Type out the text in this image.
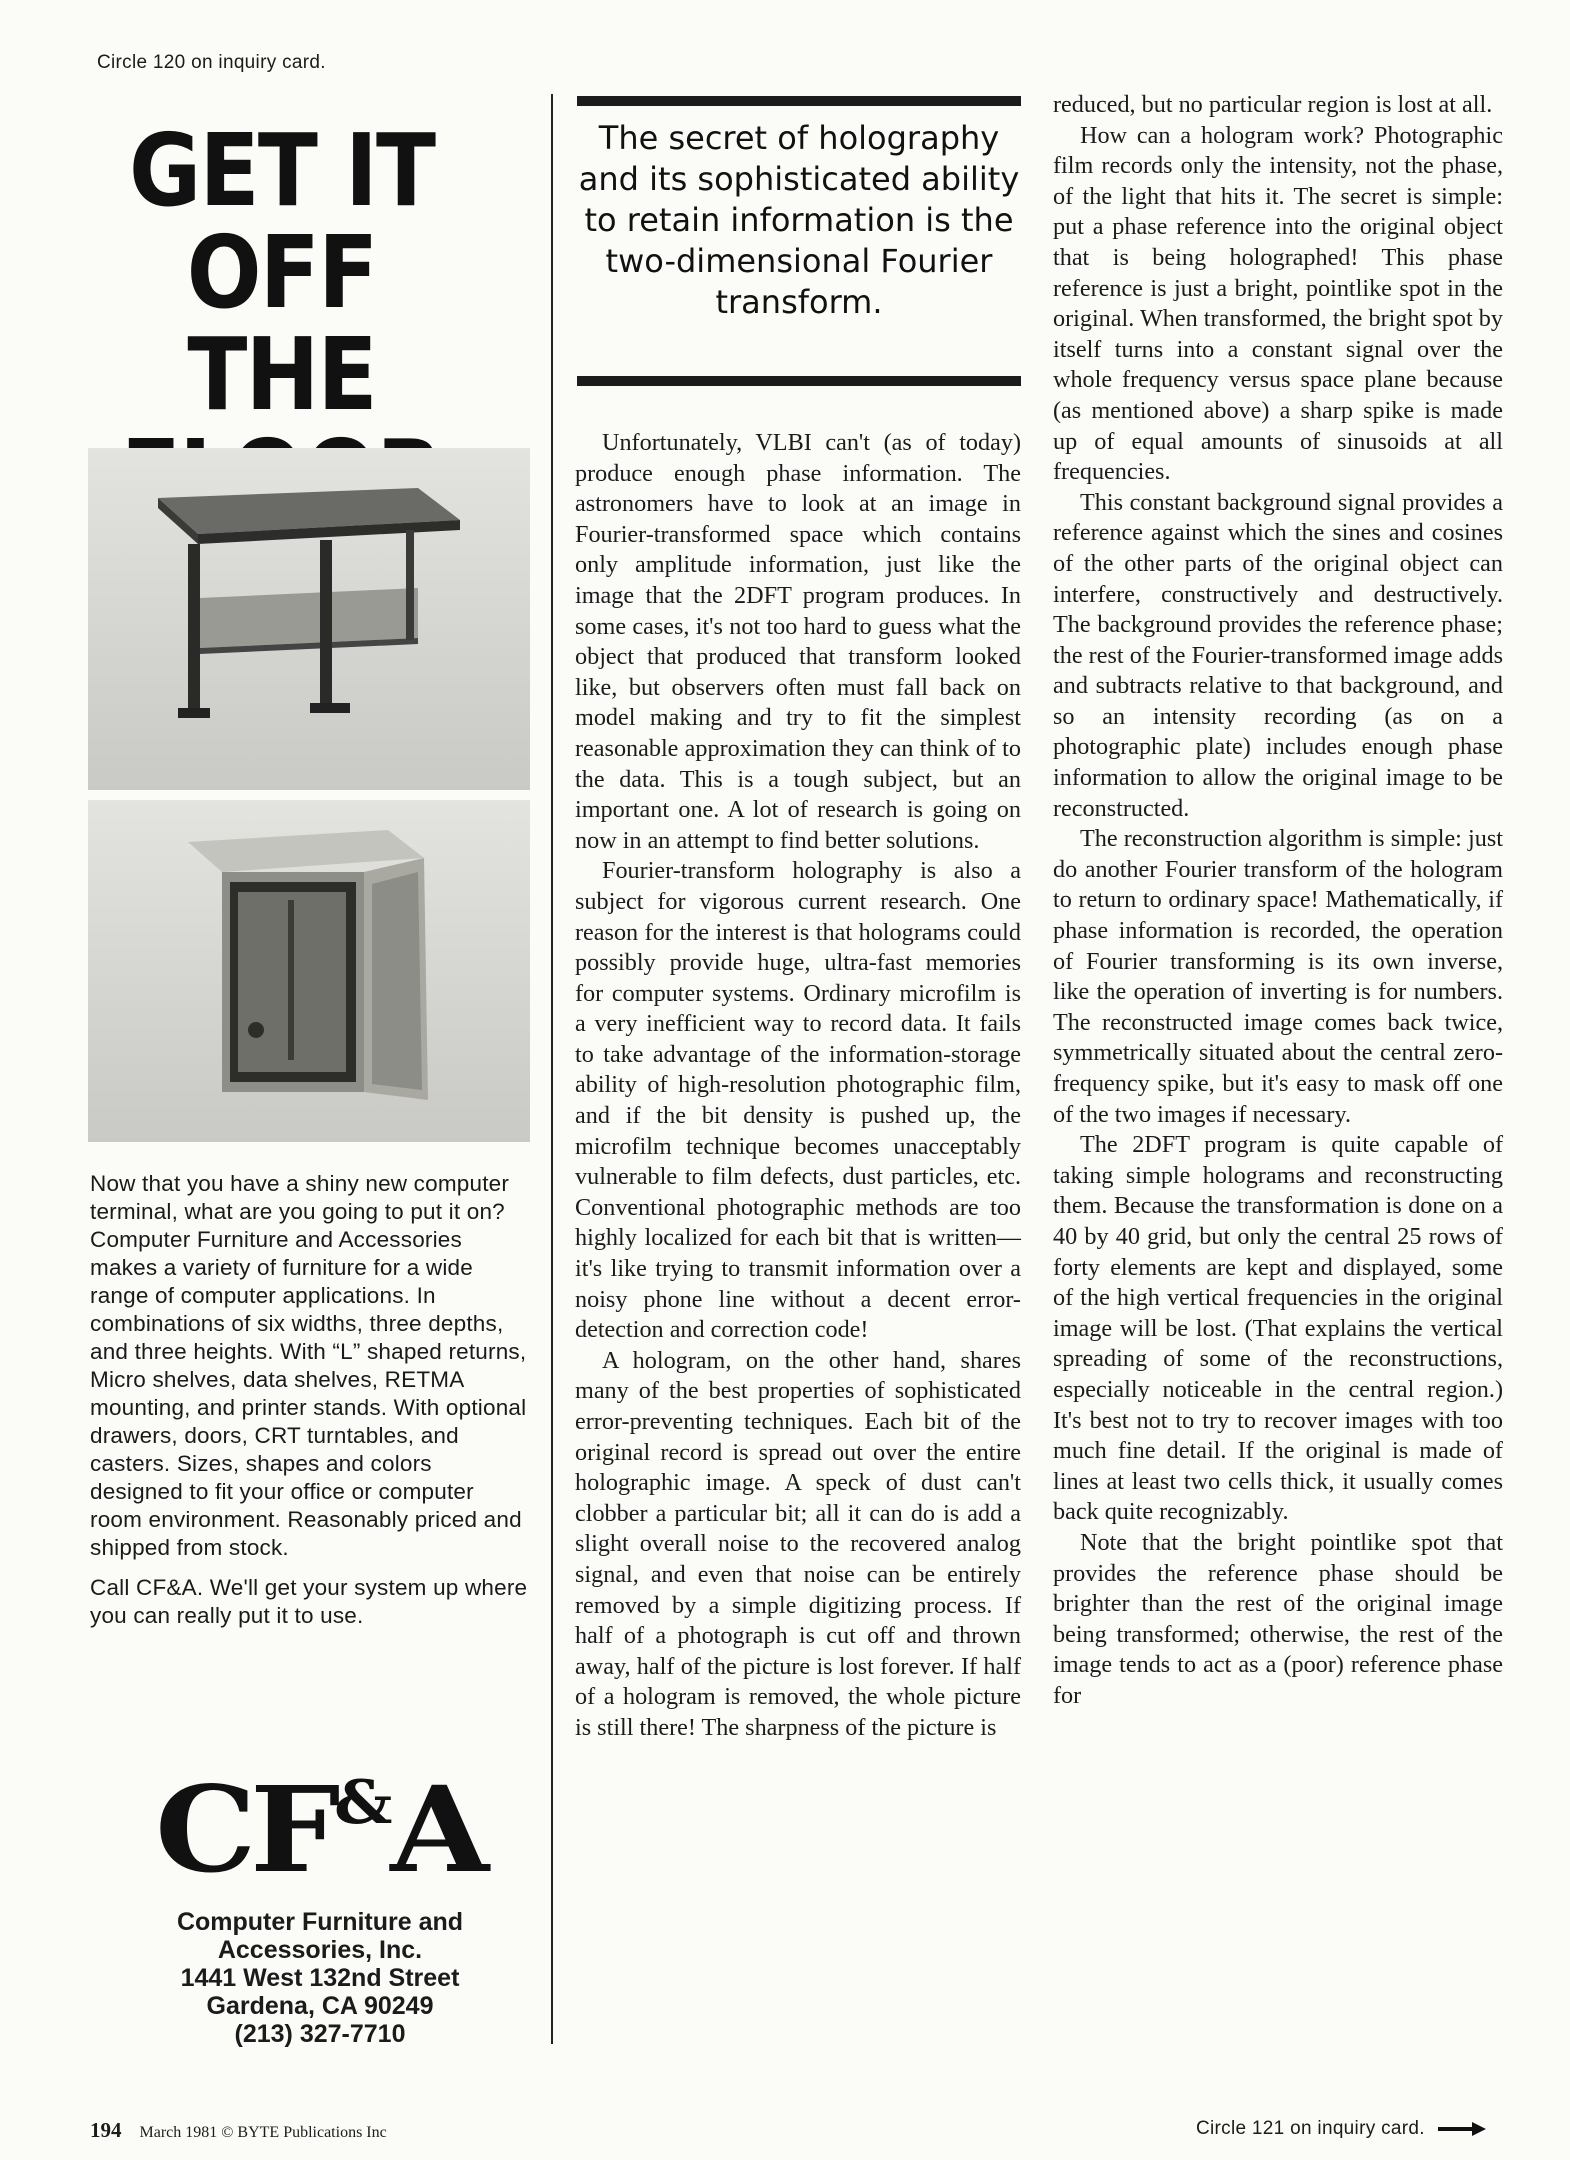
Circle 120 on inquiry card.
GET IT
OFF THE

Now that you have a shiny new computer terminal, what are you going to put it on? Computer Furniture and Accessories makes a variety of furniture for a wide range of computer applications. In combinations of six widths, three depths, and three heights. With “L” shaped returns, Micro shelves, data shelves, RETMA mounting, and printer stands. With optional drawers, doors, CRT turntables, and casters. Sizes, shapes and colors designed to fit your office or computer room environment. Reasonably priced and shipped from stock.

Call CF&A. We'll get your system up where you can really put it to use.

CF&A
Computer Furniture and
Accessories, Inc.
1441 West 132nd Street
Gardena, CA 90249
(213) 327-7710
The secret of holography and its sophisticated ability to retain information is the two-dimensional Fourier transform.

Unfortunately, VLBI can't (as of today) produce enough phase information. The astronomers have to look at an image in Fourier-transformed space which contains only amplitude information, just like the image that the 2DFT program produces. In some cases, it's not too hard to guess what the object that produced that transform looked like, but observers often must fall back on model making and try to fit the simplest reasonable approximation they can think of to the data. This is a tough subject, but an important one. A lot of research is going on now in an attempt to find better solutions.

Fourier-transform holography is also a subject for vigorous current research. One reason for the interest is that holograms could possibly provide huge, ultra-fast memories for computer systems. Ordinary microfilm is a very inefficient way to record data. It fails to take advantage of the information-storage ability of high-resolution photographic film, and if the bit density is pushed up, the microfilm technique becomes unacceptably vulnerable to film defects, dust particles, etc. Conventional photographic methods are too highly localized for each bit that is written—it's like trying to transmit information over a noisy phone line without a decent error-detection and correction code!

A hologram, on the other hand, shares many of the best properties of sophisticated error-preventing techniques. Each bit of the original record is spread out over the entire holographic image. A speck of dust can't clobber a particular bit; all it can do is add a slight overall noise to the recovered analog signal, and even that noise can be entirely removed by a simple digitizing process. If half of a photograph is cut off and thrown away, half of the picture is lost forever. If half of a hologram is removed, the whole picture is still there! The sharpness of the picture is

reduced, but no particular region is lost at all.

How can a hologram work? Photographic film records only the intensity, not the phase, of the light that hits it. The secret is simple: put a phase reference into the original object that is being holographed! This phase reference is just a bright, pointlike spot in the original. When transformed, the bright spot by itself turns into a constant signal over the whole frequency versus space plane because (as mentioned above) a sharp spike is made up of equal amounts of sinusoids at all frequencies.

This constant background signal provides a reference against which the sines and cosines of the other parts of the original object can interfere, constructively and destructively. The background provides the reference phase; the rest of the Fourier-transformed image adds and subtracts relative to that background, and so an intensity recording (as on a photographic plate) includes enough phase information to allow the original image to be reconstructed.

The reconstruction algorithm is simple: just do another Fourier transform of the hologram to return to ordinary space! Mathematically, if phase information is recorded, the operation of Fourier transforming is its own inverse, like the operation of inverting is for numbers. The reconstructed image comes back twice, symmetrically situated about the central zero-frequency spike, but it's easy to mask off one of the two images if necessary.

The 2DFT program is quite capable of taking simple holograms and reconstructing them. Because the transformation is done on a 40 by 40 grid, but only the central 25 rows of forty elements are kept and displayed, some of the high vertical frequencies in the original image will be lost. (That explains the vertical spreading of some of the reconstructions, especially noticeable in the central region.) It's best not to try to recover images with too much fine detail. If the original is made of lines at least two cells thick, it usually comes back quite recognizably.

Note that the bright pointlike spot that provides the reference phase should be brighter than the rest of the original image being transformed; otherwise, the rest of the image tends to act as a (poor) reference phase for

194 March 1981 © BYTE Publications Inc	Circle 121 on inquiry card.
